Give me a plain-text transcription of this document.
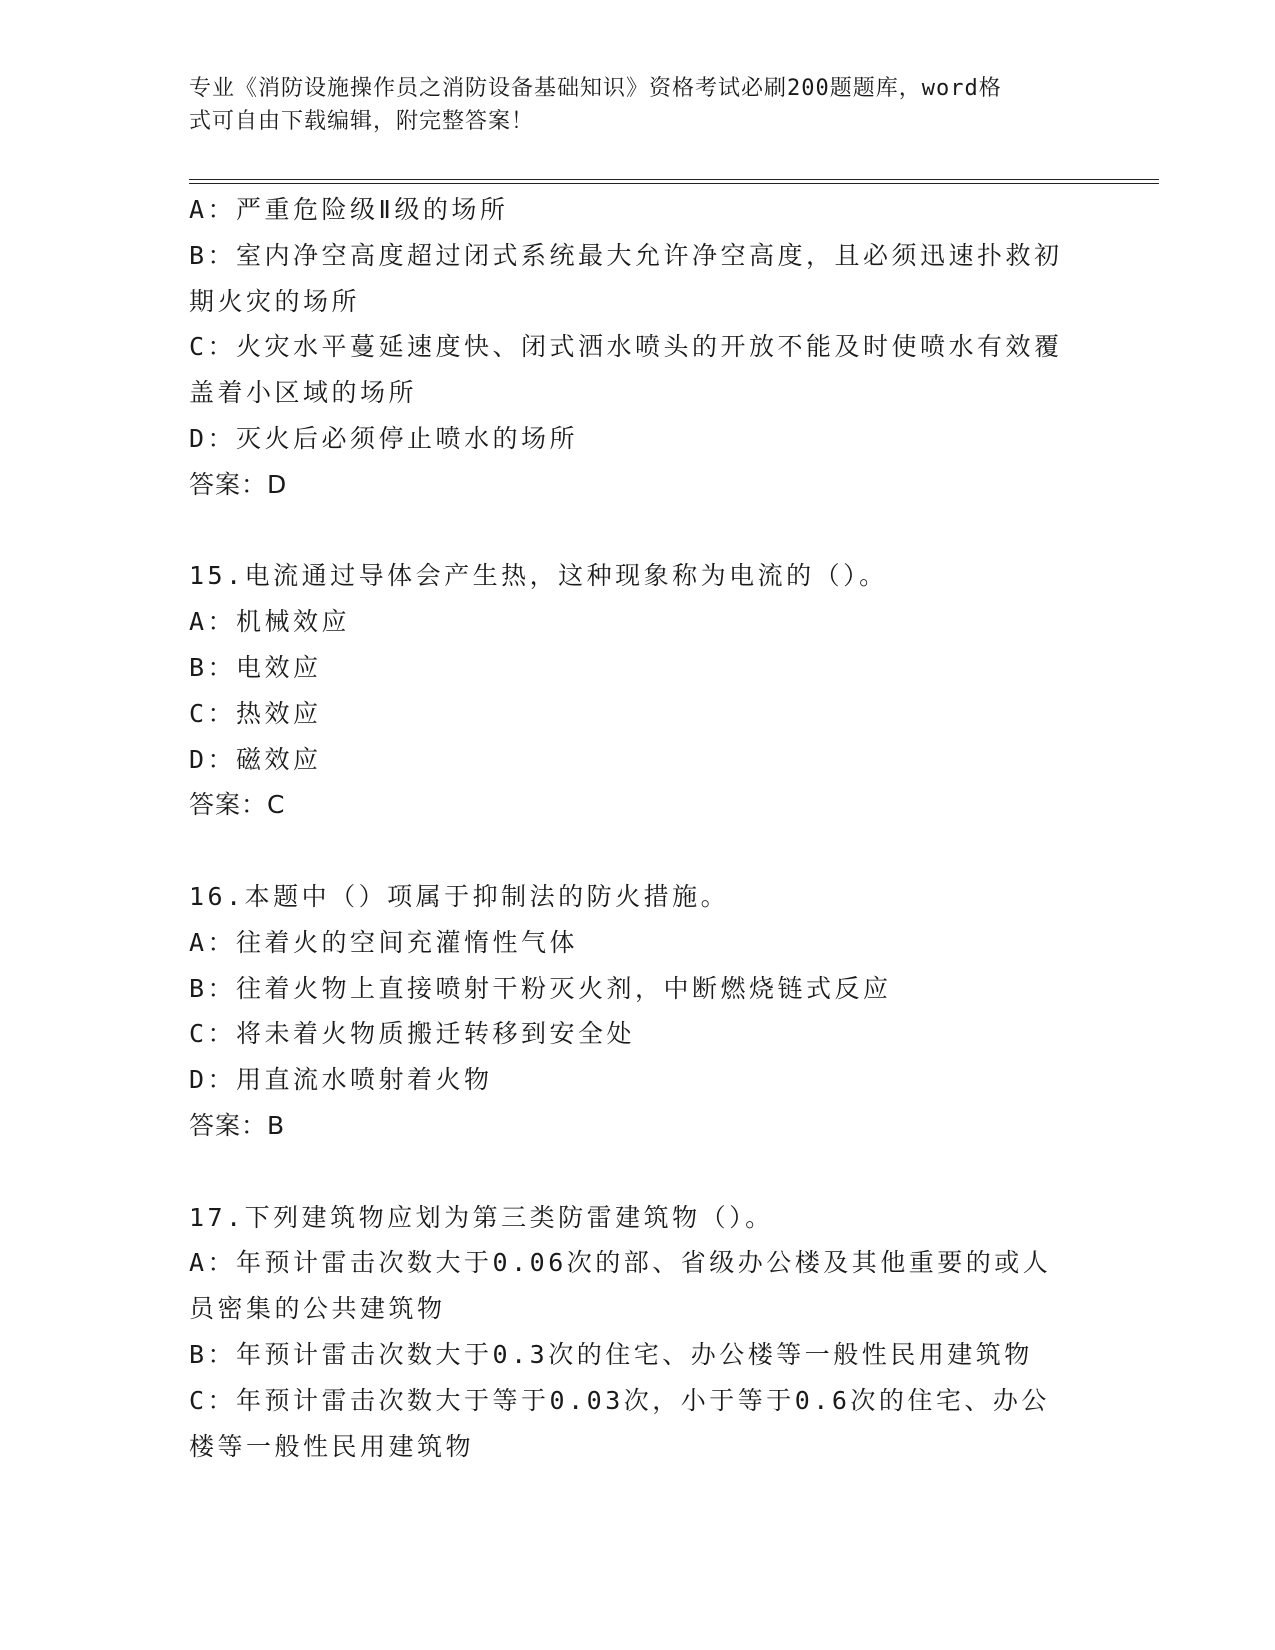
专业《消防设施操作员之消防设备基础知识》资格考试必刷200题题库，word格
式可自由下载编辑，附完整答案！
A：严重危险级Ⅱ级的场所
B：室内净空高度超过闭式系统最大允许净空高度，且必须迅速扑救初
期火灾的场所
C：火灾水平蔓延速度快、闭式洒水喷头的开放不能及时使喷水有效覆
盖着小区域的场所
D：灭火后必须停止喷水的场所
答案：D
15.电流通过导体会产生热，这种现象称为电流的（）。
A：机械效应
B：电效应
C：热效应
D：磁效应
答案：C
16.本题中（）项属于抑制法的防火措施。
A：往着火的空间充灌惰性气体
B：往着火物上直接喷射干粉灭火剂，中断燃烧链式反应
C：将未着火物质搬迁转移到安全处
D：用直流水喷射着火物
答案：B
17.下列建筑物应划为第三类防雷建筑物（）。
A：年预计雷击次数大于0.06次的部、省级办公楼及其他重要的或人
员密集的公共建筑物
B：年预计雷击次数大于0.3次的住宅、办公楼等一般性民用建筑物
C：年预计雷击次数大于等于0.03次，小于等于0.6次的住宅、办公
楼等一般性民用建筑物
